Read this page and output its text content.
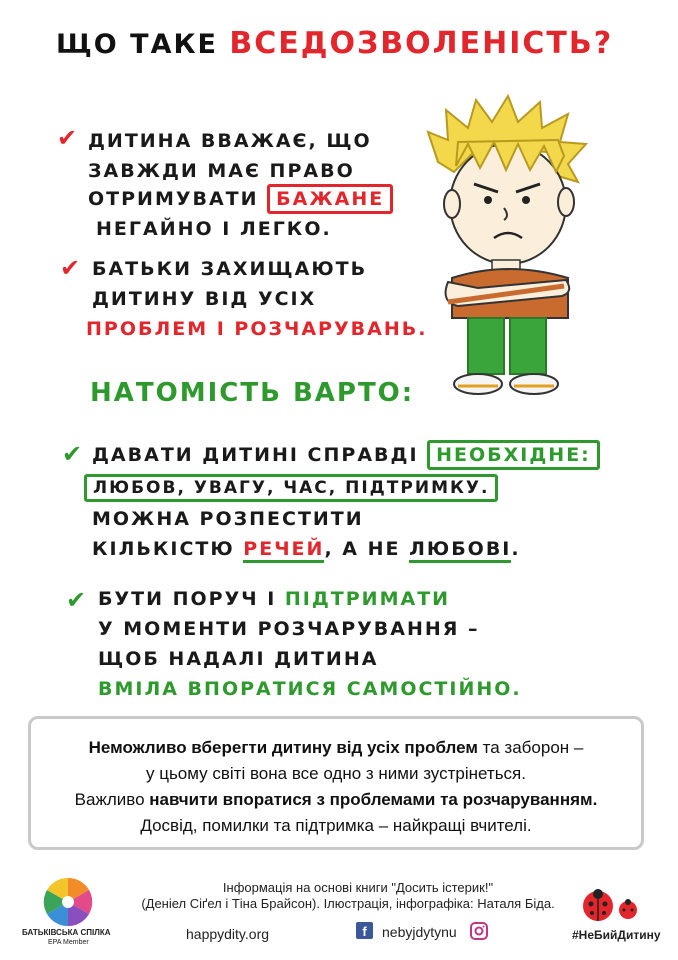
ЩО ТАКЕ ВСЕДОЗВОЛЕНІСТЬ?
✔ ДИТИНА ВВАЖАЄ, ЩО
ЗАВЖДИ МАЄ ПРАВО
ОТРИМУВАТИ БАЖАНЕ
НЕГАЙНО І ЛЕГКО.
✔ БАТЬКИ ЗАХИЩАЮТЬ
ДИТИНУ ВІД УСІХ
ПРОБЛЕМ І РОЗЧАРУВАНЬ.
НАТОМІСТЬ ВАРТО:
✔ ДАВАТИ ДИТИНІ СПРАВДІ НЕОБХІДНЕ:
ЛЮБОВ, УВАГУ, ЧАС, ПІДТРИМКУ.
МОЖНА РОЗПЕСТИТИ
КІЛЬКІСТЮ РЕЧЕЙ, А НЕ ЛЮБОВІ.
✔ БУТИ ПОРУЧ І ПІДТРИМАТИ
У МОМЕНТИ РОЗЧАРУВАННЯ –
ЩОБ НАДАЛІ ДИТИНА
ВМІЛА ВПОРАТИСЯ САМОСТІЙНО.
Неможливо вберегти дитину від усіх проблем та заборон –
у цьому світі вона все одно з ними зустрінеться.
Важливо навчити впоратися з проблемами та розчаруванням.
Досвід, помилки та підтримка – найкращі вчителі.
БАТЬКІВСЬКА СПІЛКА
EPA Member
Інформація на основі книги "Досить істерик!"
(Деніел Сіґел і Тіна Брайсон). Ілюстрація, інфографіка: Наталя Біда.
happydity.org	f	nebyjdytynu	#НеБийДитину
